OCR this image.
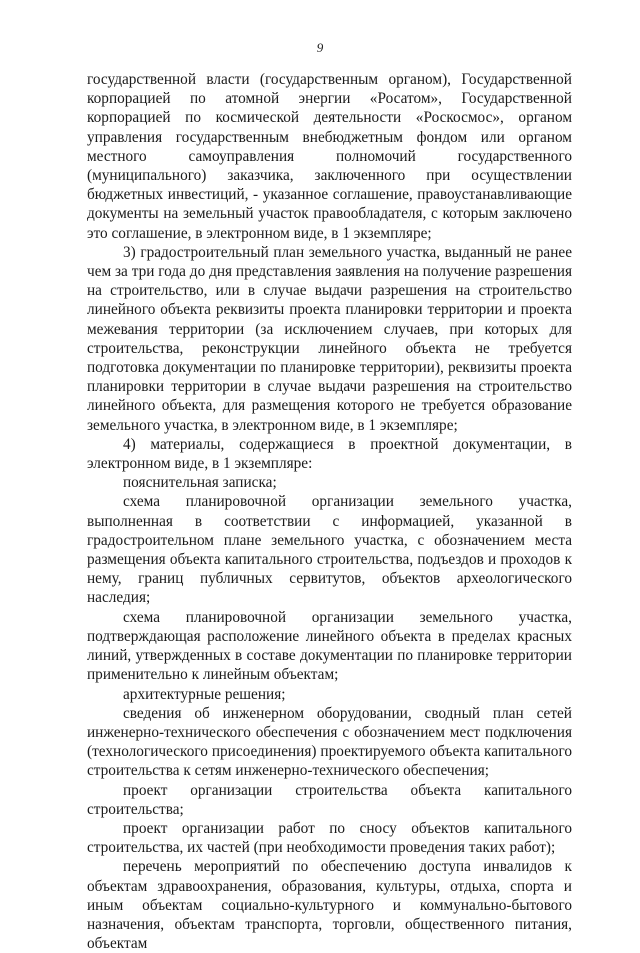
9

государственной власти (государственным органом), Государственной корпорацией по атомной энергии «Росатом», Государственной корпорацией по космической деятельности «Роскосмос», органом управления государственным внебюджетным фондом или органом местного самоуправления полномочий государственного (муниципального) заказчика, заключенного при осуществлении бюджетных инвестиций, - указанное соглашение, правоустанавливающие документы на земельный участок правообладателя, с которым заключено это соглашение, в электронном виде, в 1 экземпляре;

3) градостроительный план земельного участка, выданный не ранее чем за три года до дня представления заявления на получение разрешения на строительство, или в случае выдачи разрешения на строительство линейного объекта реквизиты проекта планировки территории и проекта межевания территории (за исключением случаев, при которых для строительства, реконструкции линейного объекта не требуется подготовка документации по планировке территории), реквизиты проекта планировки территории в случае выдачи разрешения на строительство линейного объекта, для размещения которого не требуется образование земельного участка, в электронном виде, в 1 экземпляре;

4) материалы, содержащиеся в проектной документации, в электронном виде, в 1 экземпляре:

пояснительная записка;

схема планировочной организации земельного участка, выполненная в соответствии с информацией, указанной в градостроительном плане земельного участка, с обозначением места размещения объекта капитального строительства, подъездов и проходов к нему, границ публичных сервитутов, объектов археологического наследия;

схема планировочной организации земельного участка, подтверждающая расположение линейного объекта в пределах красных линий, утвержденных в составе документации по планировке территории применительно к линейным объектам;

архитектурные решения;

сведения об инженерном оборудовании, сводный план сетей инженерно-технического обеспечения с обозначением мест подключения (технологического присоединения) проектируемого объекта капитального строительства к сетям инженерно-технического обеспечения;

проект организации строительства объекта капитального строительства;

проект организации работ по сносу объектов капитального строительства, их частей (при необходимости проведения таких работ);

перечень мероприятий по обеспечению доступа инвалидов к объектам здравоохранения, образования, культуры, отдыха, спорта и иным объектам социально-культурного и коммунально-бытового назначения, объектам транспорта, торговли, общественного питания, объектам
